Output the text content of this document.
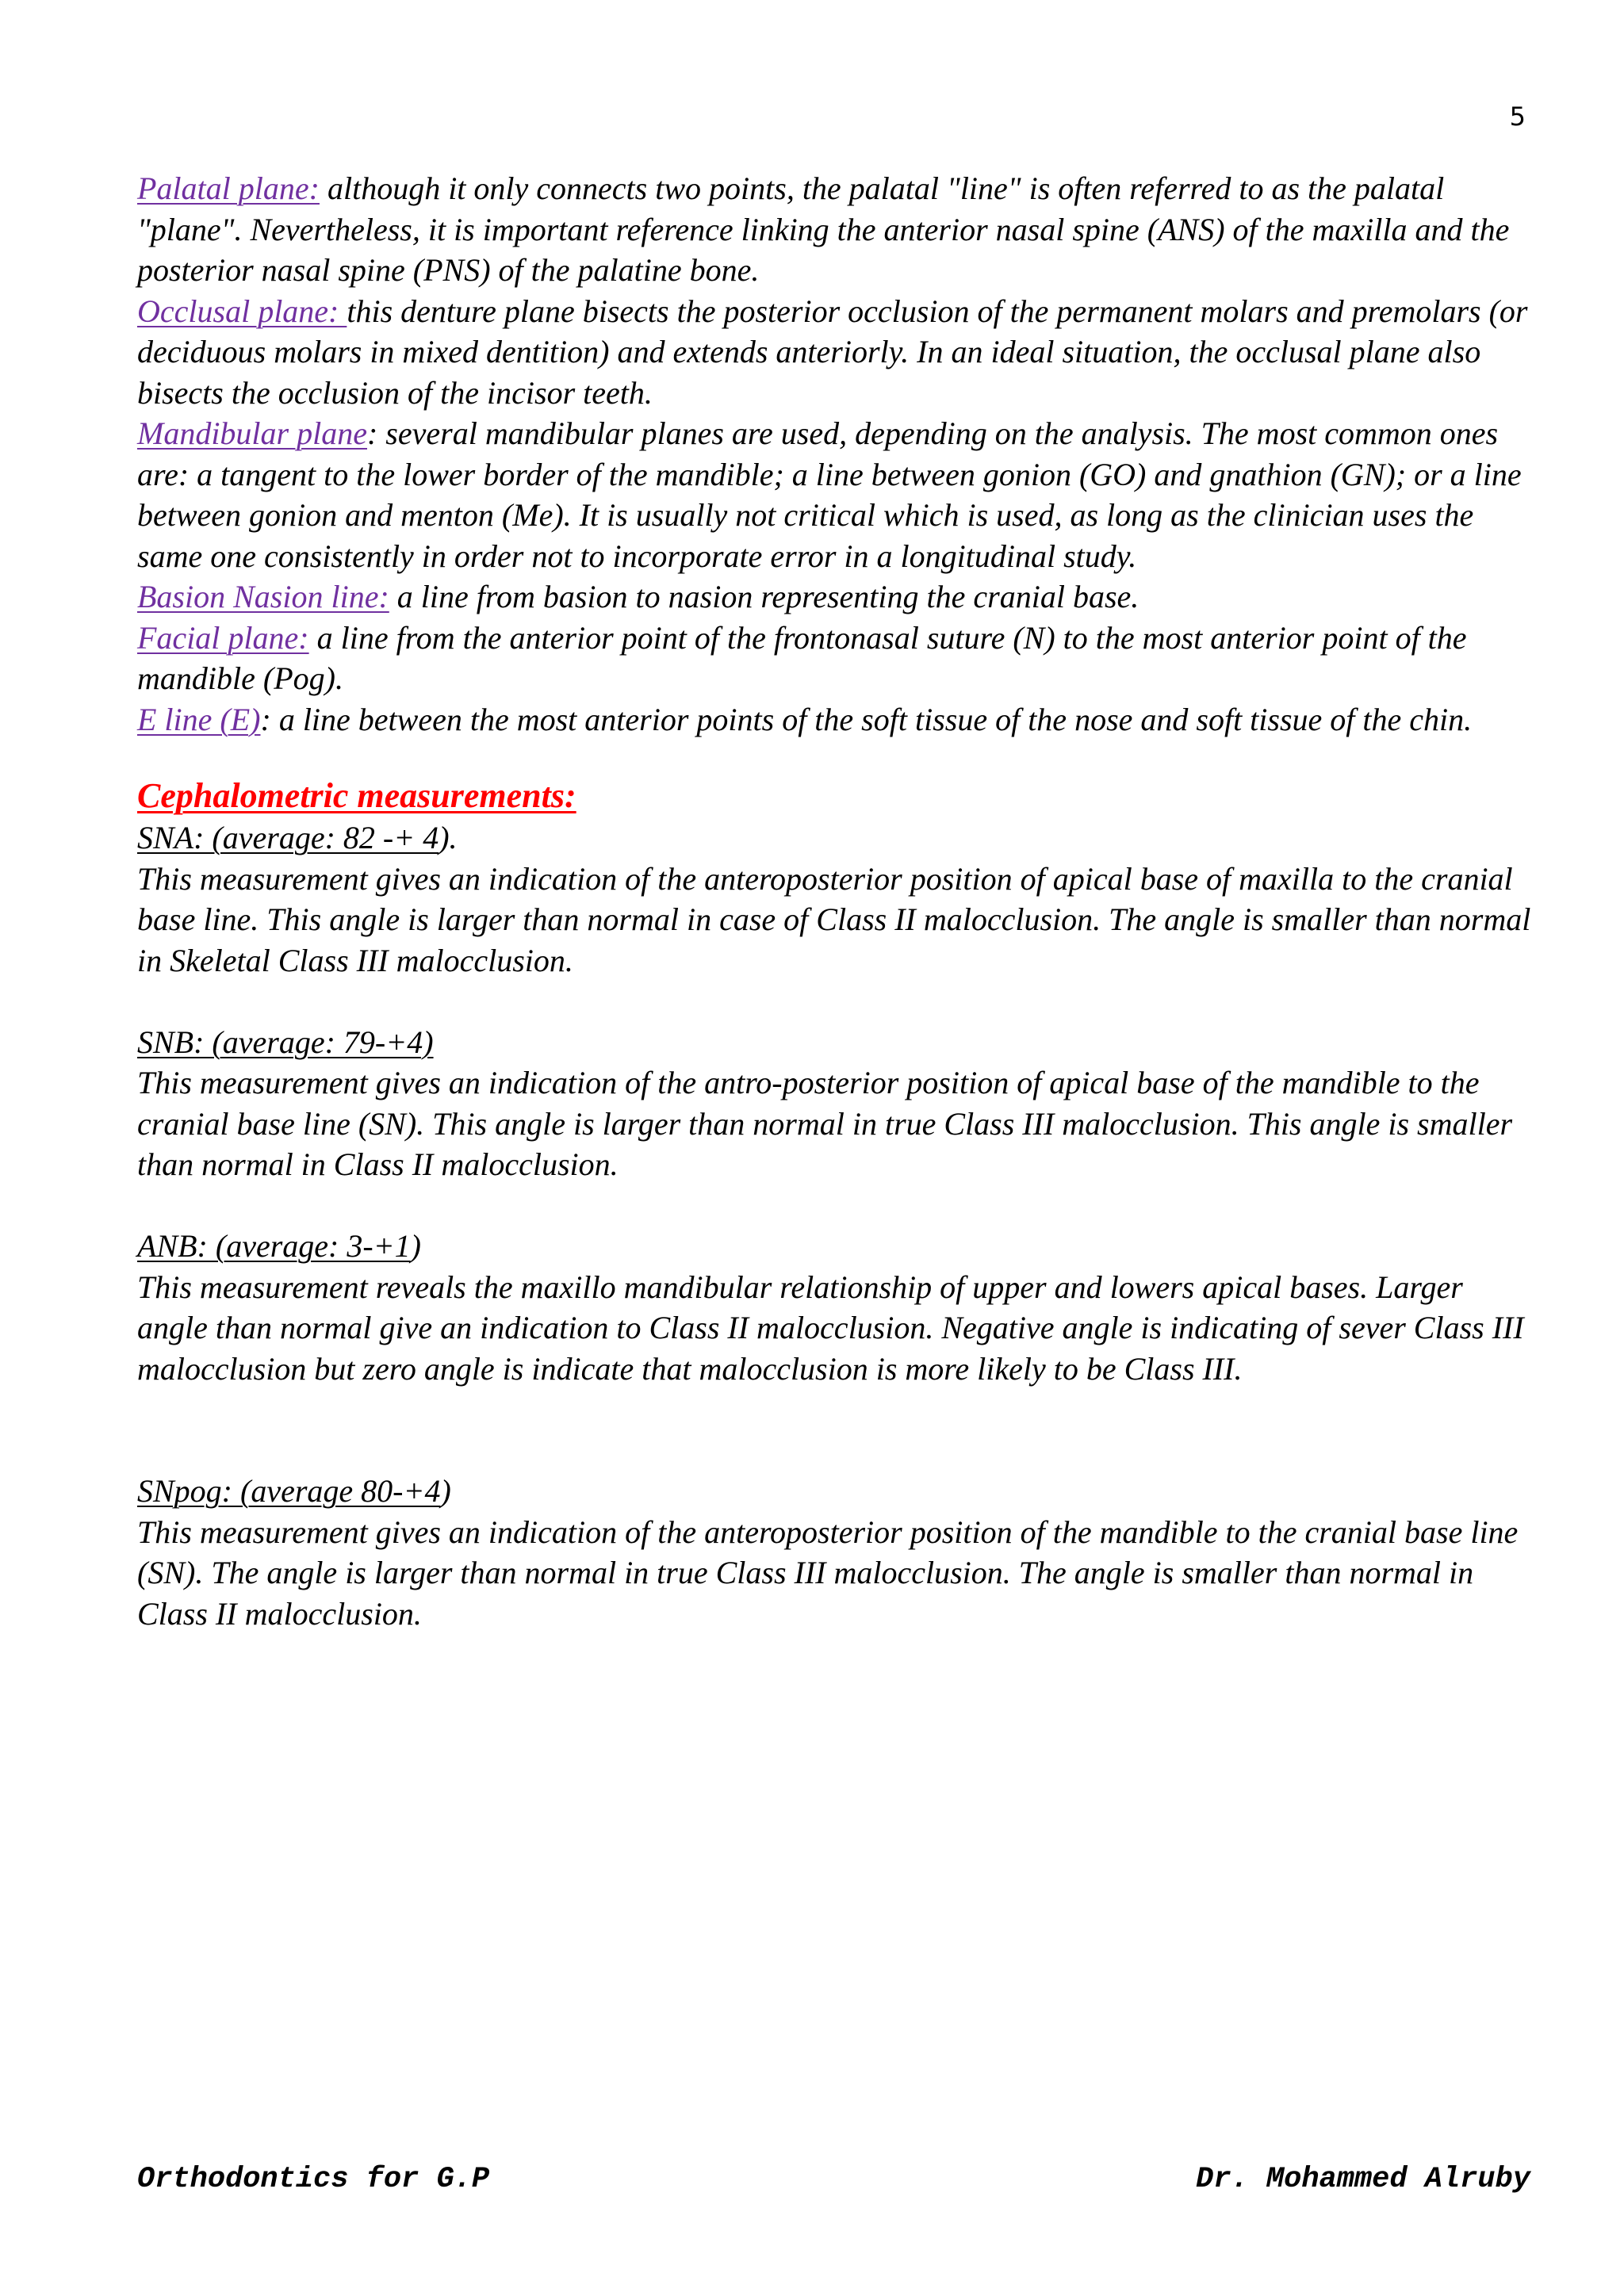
5

Palatal plane: although it only connects two points, the palatal "line" is often referred to as the palatal "plane". Nevertheless, it is important reference linking the anterior nasal spine (ANS) of the maxilla and the posterior nasal spine (PNS) of the palatine bone.

Occlusal plane: this denture plane bisects the posterior occlusion of the permanent molars and premolars (or deciduous molars in mixed dentition) and extends anteriorly. In an ideal situation, the occlusal plane also bisects the occlusion of the incisor teeth.

Mandibular plane: several mandibular planes are used, depending on the analysis. The most common ones are: a tangent to the lower border of the mandible; a line between gonion (GO) and gnathion (GN); or a line between gonion and menton (Me). It is usually not critical which is used, as long as the clinician uses the same one consistently in order not to incorporate error in a longitudinal study.

Basion Nasion line: a line from basion to nasion representing the cranial base.

Facial plane: a line from the anterior point of the frontonasal suture (N) to the most anterior point of the mandible (Pog).

E line (E): a line between the most anterior points of the soft tissue of the nose and soft tissue of the chin.

Cephalometric measurements:

SNA: (average: 82 -+ 4).

This measurement gives an indication of the anteroposterior position of apical base of maxilla to the cranial base line. This angle is larger than normal in case of Class II malocclusion. The angle is smaller than normal in Skeletal Class III malocclusion.

SNB: (average: 79-+4)

This measurement gives an indication of the antro-posterior position of apical base of the mandible to the cranial base line (SN). This angle is larger than normal in true Class III malocclusion. This angle is smaller than normal in Class II malocclusion.

ANB: (average: 3-+1)

This measurement reveals the maxillo mandibular relationship of upper and lowers apical bases. Larger angle than normal give an indication to Class II malocclusion. Negative angle is indicating of sever Class III malocclusion but zero angle is indicate that malocclusion is more likely to be Class III.

SNpog: (average 80-+4)

This measurement gives an indication of the anteroposterior position of the mandible to the cranial base line (SN). The angle is larger than normal in true Class III malocclusion. The angle is smaller than normal in Class II malocclusion.

Orthodontics for G.P	Dr. Mohammed Alruby
